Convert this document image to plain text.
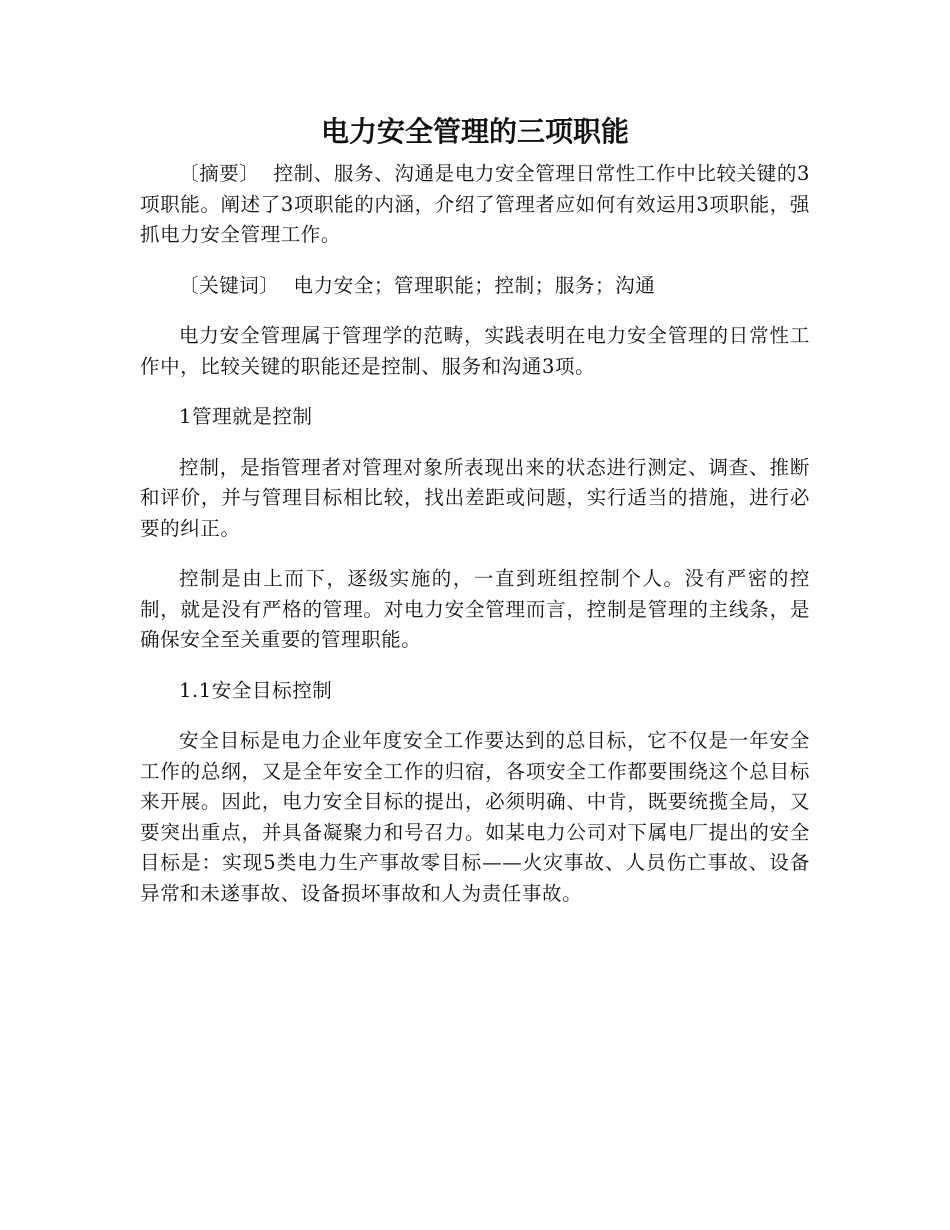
电力安全管理的三项职能

〔摘要〕 控制、服务、沟通是电力安全管理日常性工作中比较关键的3项职能。阐述了3项职能的内涵，介绍了管理者应如何有效运用3项职能，强抓电力安全管理工作。

〔关键词〕 电力安全；管理职能；控制；服务；沟通

电力安全管理属于管理学的范畴，实践表明在电力安全管理的日常性工作中，比较关键的职能还是控制、服务和沟通3项。

1管理就是控制

控制，是指管理者对管理对象所表现出来的状态进行测定、调查、推断和评价，并与管理目标相比较，找出差距或问题，实行适当的措施，进行必要的纠正。

控制是由上而下，逐级实施的，一直到班组控制个人。没有严密的控制，就是没有严格的管理。对电力安全管理而言，控制是管理的主线条，是确保安全至关重要的管理职能。

1.1安全目标控制

安全目标是电力企业年度安全工作要达到的总目标，它不仅是一年安全工作的总纲，又是全年安全工作的归宿，各项安全工作都要围绕这个总目标来开展。因此，电力安全目标的提出，必须明确、中肯，既要统揽全局，又要突出重点，并具备凝聚力和号召力。如某电力公司对下属电厂提出的安全目标是：实现5类电力生产事故零目标——火灾事故、人员伤亡事故、设备异常和未遂事故、设备损坏事故和人为责任事故。
